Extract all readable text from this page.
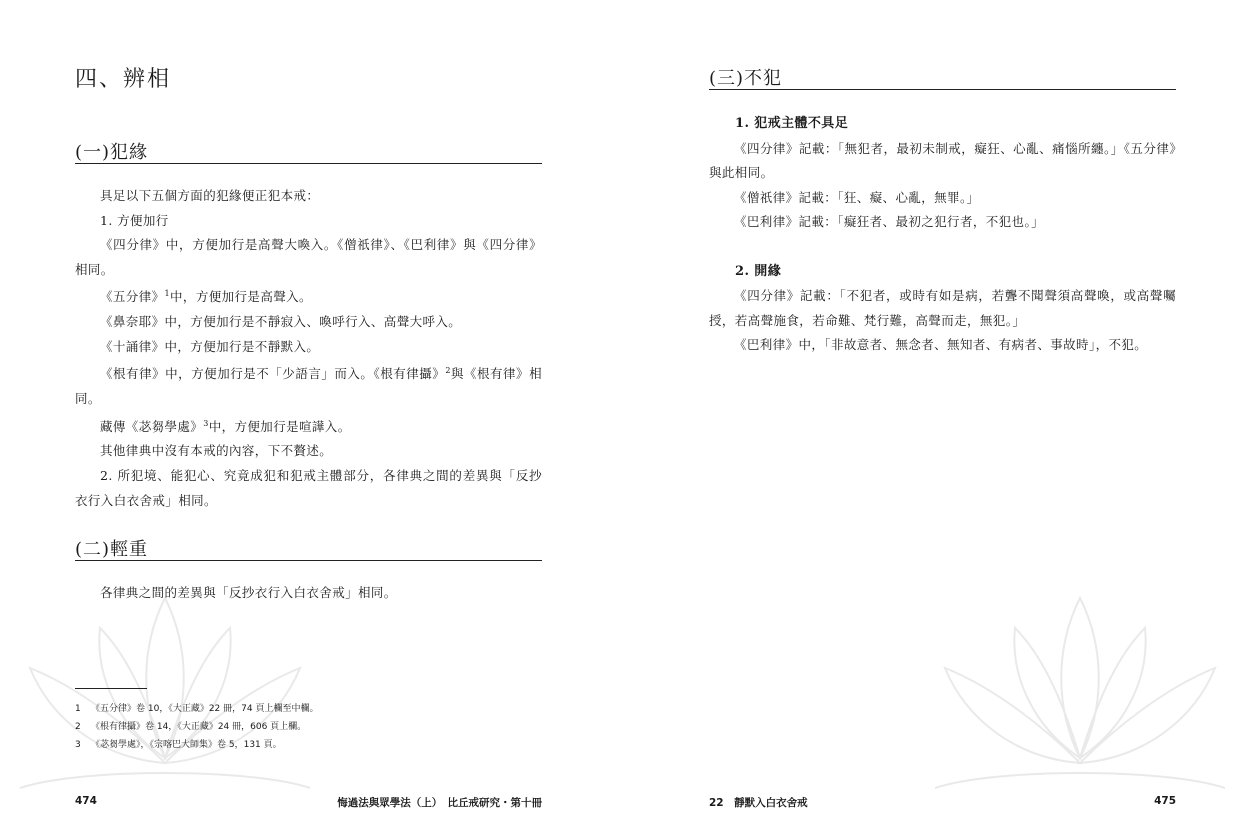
四、辨相
(一)犯緣

具足以下五個方面的犯緣便正犯本戒：

1. 方便加行

《四分律》中，方便加行是高聲大喚入。《僧祇律》、《巴利律》與《四分律》相同。

《五分律》$^1$中，方便加行是高聲入。

《鼻奈耶》中，方便加行是不靜寂入、喚呼行入、高聲大呼入。

《十誦律》中，方便加行是不靜默入。

《根有律》中，方便加行是不「少語言」而入。《根有律攝》$^2$與《根有律》相同。

藏傳《苾芻學處》$^3$中，方便加行是喧譁入。

其他律典中沒有本戒的內容，下不贅述。

2. 所犯境、能犯心、究竟成犯和犯戒主體部分，各律典之間的差異與「反抄衣行入白衣舍戒」相同。

(二)輕重

各律典之間的差異與「反抄衣行入白衣舍戒」相同。

1 《五分律》卷 10，《大正藏》22 冊，74 頁上欄至中欄。
2 《根有律攝》卷 14，《大正藏》24 冊，606 頁上欄。
3 《苾芻學處》，《宗喀巴大師集》卷 5，131 頁。
474	悔過法與眾學法（上）　比丘戒研究・第十冊
(三)不犯

1. 犯戒主體不具足

《四分律》記載：「無犯者，最初未制戒，癡狂、心亂、痛惱所纏。」《五分律》與此相同。

《僧祇律》記載：「狂、癡、心亂，無罪。」

《巴利律》記載：「癡狂者、最初之犯行者，不犯也。」

2. 開緣

《四分律》記載：「不犯者，或時有如是病，若聾不聞聲須高聲喚，或高聲囑授，若高聲施食，若命難、梵行難，高聲而走，無犯。」

《巴利律》中，「非故意者、無念者、無知者、有病者、事故時」，不犯。

22　靜默入白衣舍戒	475
